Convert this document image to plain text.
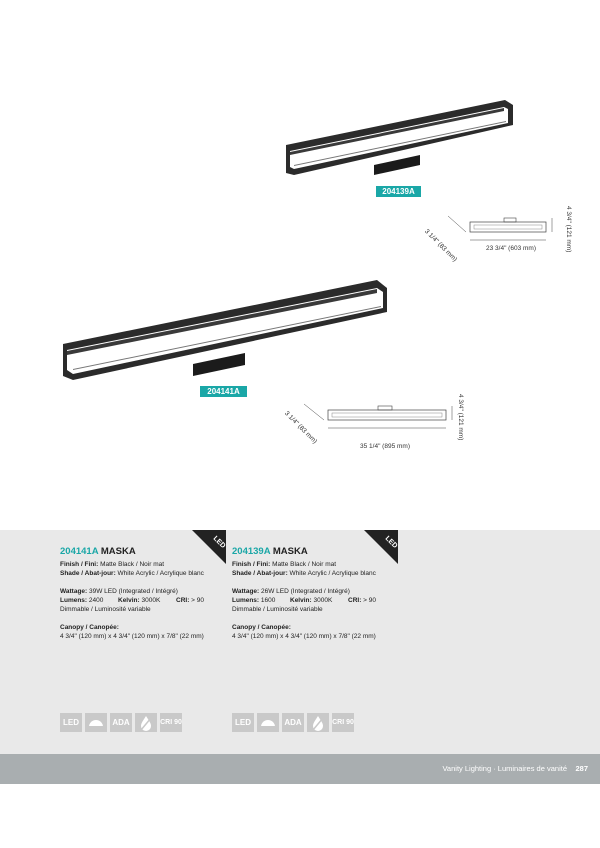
204139A
3 1/4" (83 mm)	23 3/4" (603 mm)	4 3/4" (121 mm)
204141A
3 1/4" (83 mm)
35 1/4" (895 mm)
4 3/4" (121 mm)
LED
204141A MASKA
Finish / Fini: Matte Black / Noir mat
Shade / Abat-jour: White Acrylic / Acrylique blanc
Wattage: 39W LED (Integrated / Intégré)
Lumens: 2400	Kelvin: 3000K	CRI: > 90
Dimmable / Luminosité variable
Canopy / Canopée:
4 3/4" (120 mm) x 4 3/4" (120 mm) x 7/8" (22 mm)
LED	ADA	CRI 90
LED
204139A MASKA
Finish / Fini: Matte Black / Noir mat
Shade / Abat-jour: White Acrylic / Acrylique blanc
Wattage: 26W LED (Integrated / Intégré)
Lumens: 1600	Kelvin: 3000K	CRI: > 90
Dimmable / Luminosité variable
Canopy / Canopée:
4 3/4" (120 mm) x 4 3/4" (120 mm) x 7/8" (22 mm)
LED	ADA	CRI 90
Vanity Lighting · Luminaires de vanité 287
